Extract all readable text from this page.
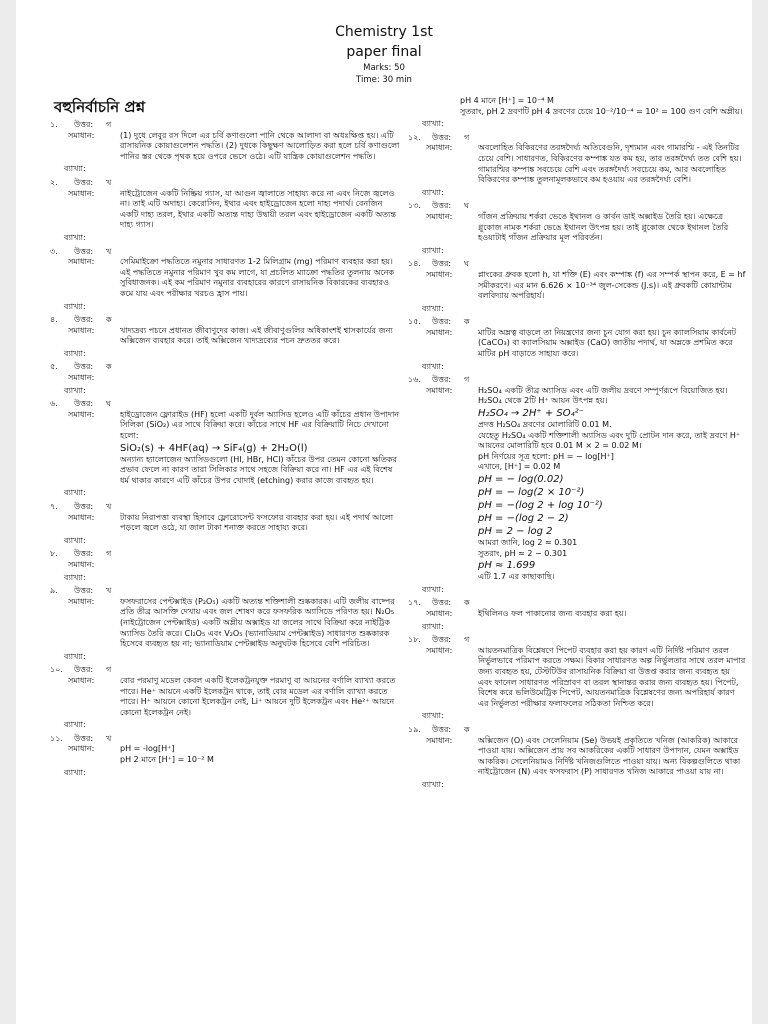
Chemistry 1st
paper final
Marks: 50
Time: 30 min
বহুনির্বাচনি প্রশ্ন
১. উত্তর:	গ
সমাধান:	(1) দুধে লেবুর রস দিলে এর চর্বি কণাগুলো পানি থেকে আলাদা বা অধঃক্ষিপ্ত হয়। এটি রাসায়নিক কোয়াগুলেশন পদ্ধতি। (2) দুধকে কিছুক্ষণ আলোড়িত করা হলে চর্বি কণাগুলো পানির স্তর থেকে পৃথক হয়ে ওপরে ভেসে ওঠে। এটি যান্ত্রিক কোয়াগুলেশন পদ্ধতি।
ব্যাখ্যা:
২. উত্তর:	খ
সমাধান:	নাইট্রোজেন একটি নিষ্ক্রিয় গ্যাস, যা আগুন জ্বালাতে সাহায্য করে না এবং নিজে জ্বলেও না। তাই এটি অদাহ্য। কেরোসিন, ইথার এবং হাইড্রোজেন হলো দাহ্য পদার্থ। বেনজিন একটি দাহ্য তরল, ইথার একটি অত্যন্ত দাহ্য উদ্বায়ী তরল এবং হাইড্রোজেন একটি অত্যন্ত দাহ্য গ্যাস।
ব্যাখ্যা:
৩. উত্তর:	খ
সমাধান:	সেমিমাইক্রো পদ্ধতিতে নমুনার সাধারণত 1-2 মিলিগ্রাম (mg) পরিমাণ ব্যবহার করা হয়। এই পদ্ধতিতে নমুনার পরিমাণ খুব কম লাগে, যা প্রচলিত ম্যাক্রো পদ্ধতির তুলনায় অনেক সুবিধাজনক। এই কম পরিমাণ নমুনার ব্যবহারের কারণে রাসায়নিক বিকারকের ব্যবহারও কমে যায় এবং পরীক্ষার খরচও হ্রাস পায়।
ব্যাখ্যা:
৪. উত্তর:	ক
সমাধান:	খাদ্যদ্রব্য পচনে প্রধানত জীবাণুদের কাজ। এই জীবাণুগুলির অধিকাংশই শ্বাসকার্যের জন্য অক্সিজেন ব্যবহার করে। তাই অক্সিজেন খাদ্যদ্রব্যের পচন দ্রুততর করে।
ব্যাখ্যা:
৫. উত্তর:	ক
সমাধান:
ব্যাখ্যা:
৬. উত্তর:	ঘ
সমাধান:	হাইড্রোজেন ফ্লোরাইড (HF) হলো একটি দুর্বল অ্যাসিড হলেও এটি কাঁচের প্রধান উপাদান সিলিকা (SiO₂) এর সাথে বিক্রিয়া করে। কাঁচের সাথে HF এর বিক্রিয়াটি নিচে দেখানো হলো:
SiO₂(s) + 4HF(aq) → SiF₄(g) + 2H₂O(l)
অন্যান্য হ্যালোজেন অ্যাসিডগুলো (HI, HBr, HCl) কাঁচের উপর তেমন কোনো ক্ষতিকর প্রভাব ফেলে না কারণ তারা সিলিকার সাথে সহজে বিক্রিয়া করে না। HF এর এই বিশেষ ধর্ম থাকার কারণে এটি কাঁচের উপর খোদাই (etching) করার কাজে ব্যবহৃত হয়।
ব্যাখ্যা:
৭. উত্তর:	খ
সমাধান:	টাকায় নিরাপত্তা ব্যবস্থা হিসাবে ফ্লোরোসেন্ট ফসফোর ব্যবহার করা হয়। এই পদার্থ আলো পড়লে জ্বলে ওঠে, যা জাল টাকা শনাক্ত করতে সাহায্য করে।
ব্যাখ্যা:
৮. উত্তর:	গ
সমাধান:
ব্যাখ্যা:
৯. উত্তর:	খ
সমাধান:	ফসফরাসের পেন্টক্সাইড (P₂O₅) একটি অত্যন্ত শক্তিশালী শুষ্ককারক। এটি জলীয় বাষ্পের প্রতি তীব্র আসক্তি দেখায় এবং জল শোষণ করে ফসফরিক অ্যাসিডে পরিণত হয়। N₂O₅ (নাইট্রোজেন পেন্টক্সাইড) একটি অম্লীয় অক্সাইড যা জলের সাথে বিক্রিয়া করে নাইট্রিক অ্যাসিড তৈরি করে। Cl₂O₅ এবং V₂O₅ (ভ্যানাডিয়াম পেন্টক্সাইড) সাধারণত শুষ্ককারক হিসেবে ব্যবহৃত হয় না; ভ্যানাডিয়াম পেন্টক্সাইড অনুঘটক হিসেবে বেশি পরিচিত।
ব্যাখ্যা:
১০. উত্তর:	গ
সমাধান:	বোর পরমাণু মডেল কেবল একটি ইলেকট্রনযুক্ত পরমাণু বা আয়নের বর্ণালি ব্যাখ্যা করতে পারে। He⁺ আয়নে একটি ইলেকট্রন থাকে, তাই বোর মডেল এর বর্ণালি ব্যাখ্যা করতে পারে। H⁺ আয়নে কোনো ইলেকট্রন নেই, Li⁺ আয়নে দুটি ইলেকট্রন এবং He²⁺ আয়নে কোনো ইলেকট্রন নেই।
ব্যাখ্যা:
১১. উত্তর:	খ
সমাধান:	pH = -log[H⁺]
pH 2 মানে [H⁺] = 10⁻² M
ব্যাখ্যা:
pH 4 মানে [H⁺] = 10⁻⁴ M
সুতরাং, pH 2 দ্রবণটি pH 4 দ্রবণের চেয়ে 10⁻²/10⁻⁴ = 10² = 100 গুণ বেশি অম্লীয়।
ব্যাখ্যা:
১২. উত্তর:	গ
সমাধান:	অবলোহিত বিকিরণের তরঙ্গদৈর্ঘ্য অতিবেগুনি, দৃশ্যমান এবং গামারশ্মি - এই তিনটির চেয়ে বেশি। সাধারণত, বিকিরণের কম্পাঙ্ক যত কম হয়, তার তরঙ্গদৈর্ঘ্য তত বেশি হয়। গামারশ্মির কম্পাঙ্ক সবচেয়ে বেশি এবং তরঙ্গদৈর্ঘ্য সবচেয়ে কম, আর অবলোহিত বিকিরণের কম্পাঙ্ক তুলনামূলকভাবে কম হওয়ায় এর তরঙ্গদৈর্ঘ্য বেশি।
ব্যাখ্যা:
১৩. উত্তর:	ঘ
সমাধান:	গাঁজন প্রক্রিয়ায় শর্করা ভেঙে ইথানল ও কার্বন ডাই অক্সাইড তৈরি হয়। এক্ষেত্রে গ্লুকোজ নামক শর্করা ভেঙে ইথানল উৎপন্ন হয়। তাই গ্লুকোজ থেকে ইথানল তৈরি হওয়াটাই গাঁজন প্রক্রিয়ার মূল পরিবর্তন।
ব্যাখ্যা:
১৪. উত্তর:	ঘ
সমাধান:	প্লাংকের ধ্রুবক হলো h, যা শক্তি (E) এবং কম্পাঙ্ক (f) এর সম্পর্ক স্থাপন করে, E = hf সমীকরণে। এর মান 6.626 × 10⁻³⁴ জুল-সেকেন্ড (J.s)। এই ধ্রুবকটি কোয়ান্টাম বলবিদ্যায় অপরিহার্য।
ব্যাখ্যা:
১৫. উত্তর:	ক
সমাধান:	মাটির অম্লত্ব বাড়লে তা নিয়ন্ত্রণের জন্য চুন যোগ করা হয়। চুন ক্যালসিয়াম কার্বনেট (CaCO₃) বা ক্যালসিয়াম অক্সাইড (CaO) জাতীয় পদার্থ, যা অম্লকে প্রশমিত করে মাটির pH বাড়াতে সাহায্য করে।
ব্যাখ্যা:
১৬. উত্তর:	গ
সমাধান:	H₂SO₄ একটি তীব্র অ্যাসিড এবং এটি জলীয় দ্রবণে সম্পূর্ণরূপে বিয়োজিত হয়। H₂SO₄ থেকে 2টি H⁺ আয়ন উৎপন্ন হয়।
H₂SO₄ → 2H⁺ + SO₄²⁻
প্রদত্ত H₂SO₄ দ্রবণের মোলারিটি 0.01 M.
যেহেতু H₂SO₄ একটি শক্তিশালী অ্যাসিড এবং দুটি প্রোটন দান করে, তাই দ্রবণে H⁺ আয়নের মোলারিটি হবে 0.01 M × 2 = 0.02 M।
pH নির্ণয়ের সূত্র হলো: pH = − log[H⁺]
এখানে, [H⁺] = 0.02 M
pH = − log(0.02)
pH = − log(2 × 10⁻²)
pH = −(log 2 + log 10⁻²)
pH = −(log 2 − 2)
pH = 2 − log 2
আমরা জানি, log 2 ≈ 0.301
সুতরাং, pH ≈ 2 − 0.301
pH ≈ 1.699
এটি 1.7 এর কাছাকাছি।
ব্যাখ্যা:
১৭. উত্তর:	ক
সমাধান:	ইথিলিনও ফল পাকানোর জন্য ব্যবহার করা হয়।
ব্যাখ্যা:
১৮. উত্তর:	গ
সমাধান:	আয়তনমাত্রিক বিশ্লেষণে পিপেট ব্যবহার করা হয় কারণ এটি নির্দিষ্ট পরিমাণ তরল নির্ভুলভাবে পরিমাপ করতে সক্ষম। বিকার সাধারণত অল্প নির্ভুলতার সাথে তরল মাপার জন্য ব্যবহৃত হয়, টেস্টটিউব রাসায়নিক বিক্রিয়া বা উত্তপ্ত করার জন্য ব্যবহৃত হয় এবং ফানেল সাধারণত পরিস্রাবণ বা তরল স্থানান্তর করার জন্য ব্যবহৃত হয়। পিপেট, বিশেষ করে ভলিউমেট্রিক পিপেট, আয়তনমাত্রিক বিশ্লেষণের জন্য অপরিহার্য কারণ এর নির্ভুলতা পরীক্ষার ফলাফলের সঠিকতা নিশ্চিত করে।
ব্যাখ্যা:
১৯. উত্তর:	ক
সমাধান:	অক্সিজেন (O) এবং সেলেনিয়াম (Se) উভয়ই প্রকৃতিতে খনিজ (আকরিক) আকারে পাওয়া যায়। অক্সিজেন প্রায় সব আকরিকের একটি সাধারণ উপাদান, যেমন অক্সাইড আকরিক। সেলেনিয়ামও নির্দিষ্ট খনিজগুলিতে পাওয়া যায়। অন্য বিকল্পগুলিতে থাকা নাইট্রোজেন (N) এবং ফসফরাস (P) সাধারণত খনিজ আকারে পাওয়া যায় না।
ব্যাখ্যা:
